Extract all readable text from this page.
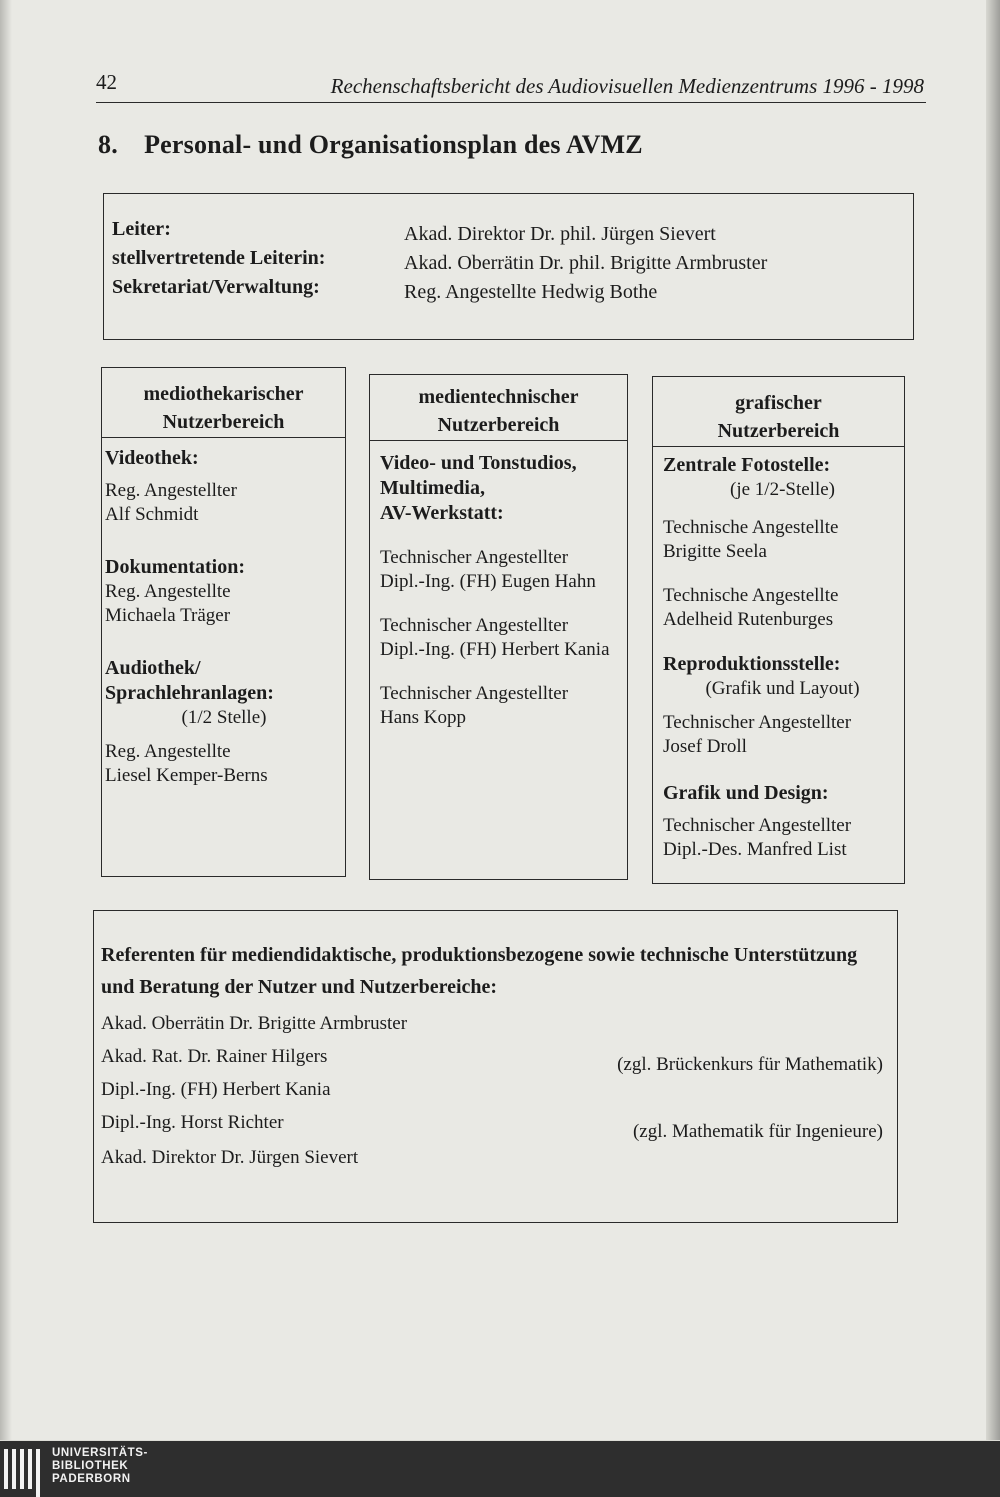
42	Rechenschaftsbericht des Audiovisuellen Medienzentrums 1996 - 1998
8. Personal- und Organisationsplan des AVMZ
Leiter:	Akad. Direktor Dr. phil. Jürgen Sievert
stellvertretende Leiterin:	Akad. Oberrätin Dr. phil. Brigitte Armbruster
Sekretariat/Verwaltung:	Reg. Angestellte Hedwig Bothe
mediothekarischer
Nutzerbereich
Videothek:
Reg. Angestellter
Alf Schmidt
Dokumentation:
Reg. Angestellte
Michaela Träger
Audiothek/
Sprachlehranlagen:
(1/2 Stelle)
Reg. Angestellte
Liesel Kemper-Berns
medientechnischer
Nutzerbereich
Video- und Tonstudios,
Multimedia,
AV-Werkstatt:
Technischer Angestellter
Dipl.-Ing. (FH) Eugen Hahn
Technischer Angestellter
Dipl.-Ing. (FH) Herbert Kania
Technischer Angestellter
Hans Kopp
grafischer
Nutzerbereich
Zentrale Fotostelle:
(je 1/2-Stelle)
Technische Angestellte
Brigitte Seela
Technische Angestellte
Adelheid Rutenburges
Reproduktionsstelle:
(Grafik und Layout)
Technischer Angestellter
Josef Droll
Grafik und Design:
Technischer Angestellter
Dipl.-Des. Manfred List
Referenten für mediendidaktische, produktionsbezogene sowie technische Unterstützung und Beratung der Nutzer und Nutzerbereiche:
Akad. Oberrätin Dr. Brigitte Armbruster
Akad. Rat. Dr. Rainer Hilgers	(zgl. Brückenkurs für Mathematik)
Dipl.-Ing. (FH) Herbert Kania
Dipl.-Ing. Horst Richter	(zgl. Mathematik für Ingenieure)
Akad. Direktor Dr. Jürgen Sievert
UNIVERSITÄTS-
BIBLIOTHEK
PADERBORN
